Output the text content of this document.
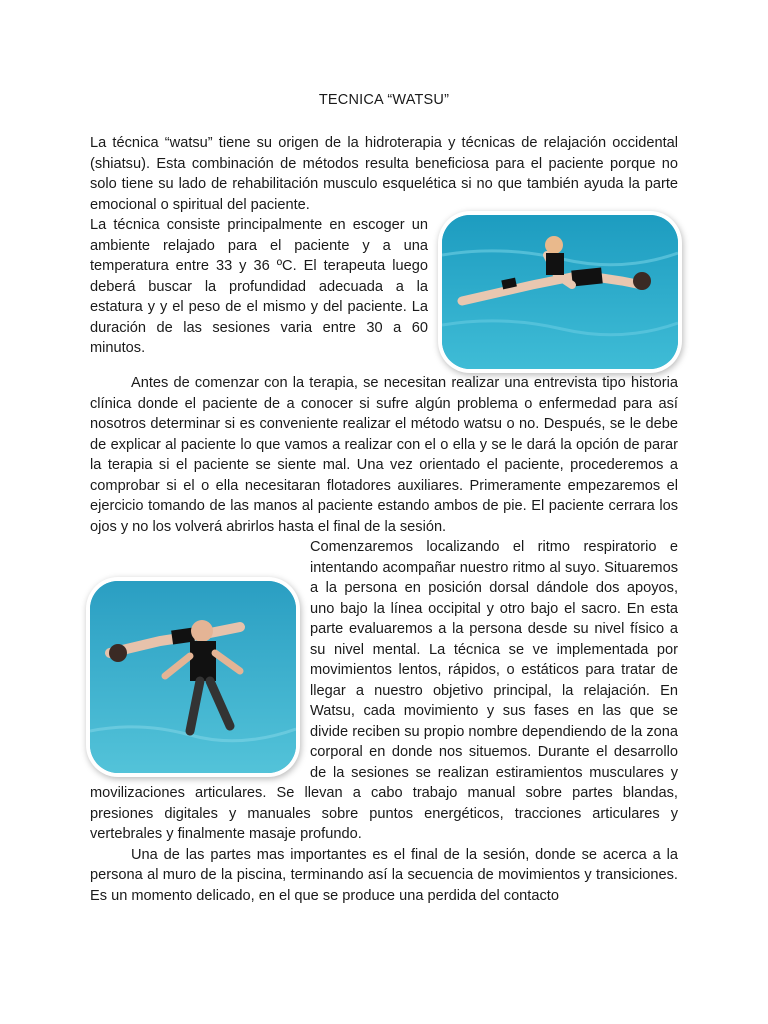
TECNICA “WATSU”

La técnica “watsu” tiene su origen de la hidroterapia y técnicas de relajación occidental (shiatsu). Esta combinación de métodos resulta beneficiosa para el paciente porque no solo tiene su lado de rehabilitación musculo esquelética si no que también ayuda la parte emocional o spiritual del paciente.

La técnica consiste principalmente en escoger un ambiente relajado para el paciente y a una temperatura entre 33 y 36 ºC. El terapeuta luego deberá buscar la profundidad adecuada a la estatura y y el peso de el mismo y del paciente. La duración de las sesiones varia entre 30 a 60 minutos.

Antes de comenzar con la terapia, se necesitan realizar una entrevista tipo historia clínica donde el paciente de a conocer si sufre algún problema o enfermedad para así nosotros determinar si es conveniente realizar el método watsu o no. Después, se le debe de explicar al paciente lo que vamos a realizar con el o ella y se le dará la opción de parar la terapia si el paciente se siente mal. Una vez orientado el paciente, procederemos a comprobar si el o ella necesitaran flotadores auxiliares. Primeramente empezaremos el ejercicio tomando de las manos al paciente estando ambos de pie. El paciente cerrara los ojos y no los volverá abrirlos hasta el final de la sesión.

Comenzaremos localizando el ritmo respiratorio e intentando acompañar nuestro ritmo al suyo. Situaremos a la persona en posición dorsal dándole dos apoyos, uno bajo la línea occipital y otro bajo el sacro. En esta parte evaluaremos a la persona desde su nivel físico a su nivel mental. La técnica se ve implementada por movimientos lentos, rápidos, o estáticos para tratar de llegar a nuestro objetivo principal, la relajación. En Watsu, cada movimiento y sus fases en las que se divide reciben su propio nombre dependiendo de la zona corporal en donde nos situemos. Durante el desarrollo de la sesiones se realizan estiramientos musculares y movilizaciones articulares. Se llevan a cabo trabajo manual sobre partes blandas, presiones digitales y manuales sobre puntos energéticos, tracciones articulares y vertebrales y finalmente masaje profundo.

Una de las partes mas importantes es el final de la sesión, donde se acerca a la persona al muro de la piscina, terminando así la secuencia de movimientos y transiciones. Es un momento delicado, en el que se produce una perdida del contacto
